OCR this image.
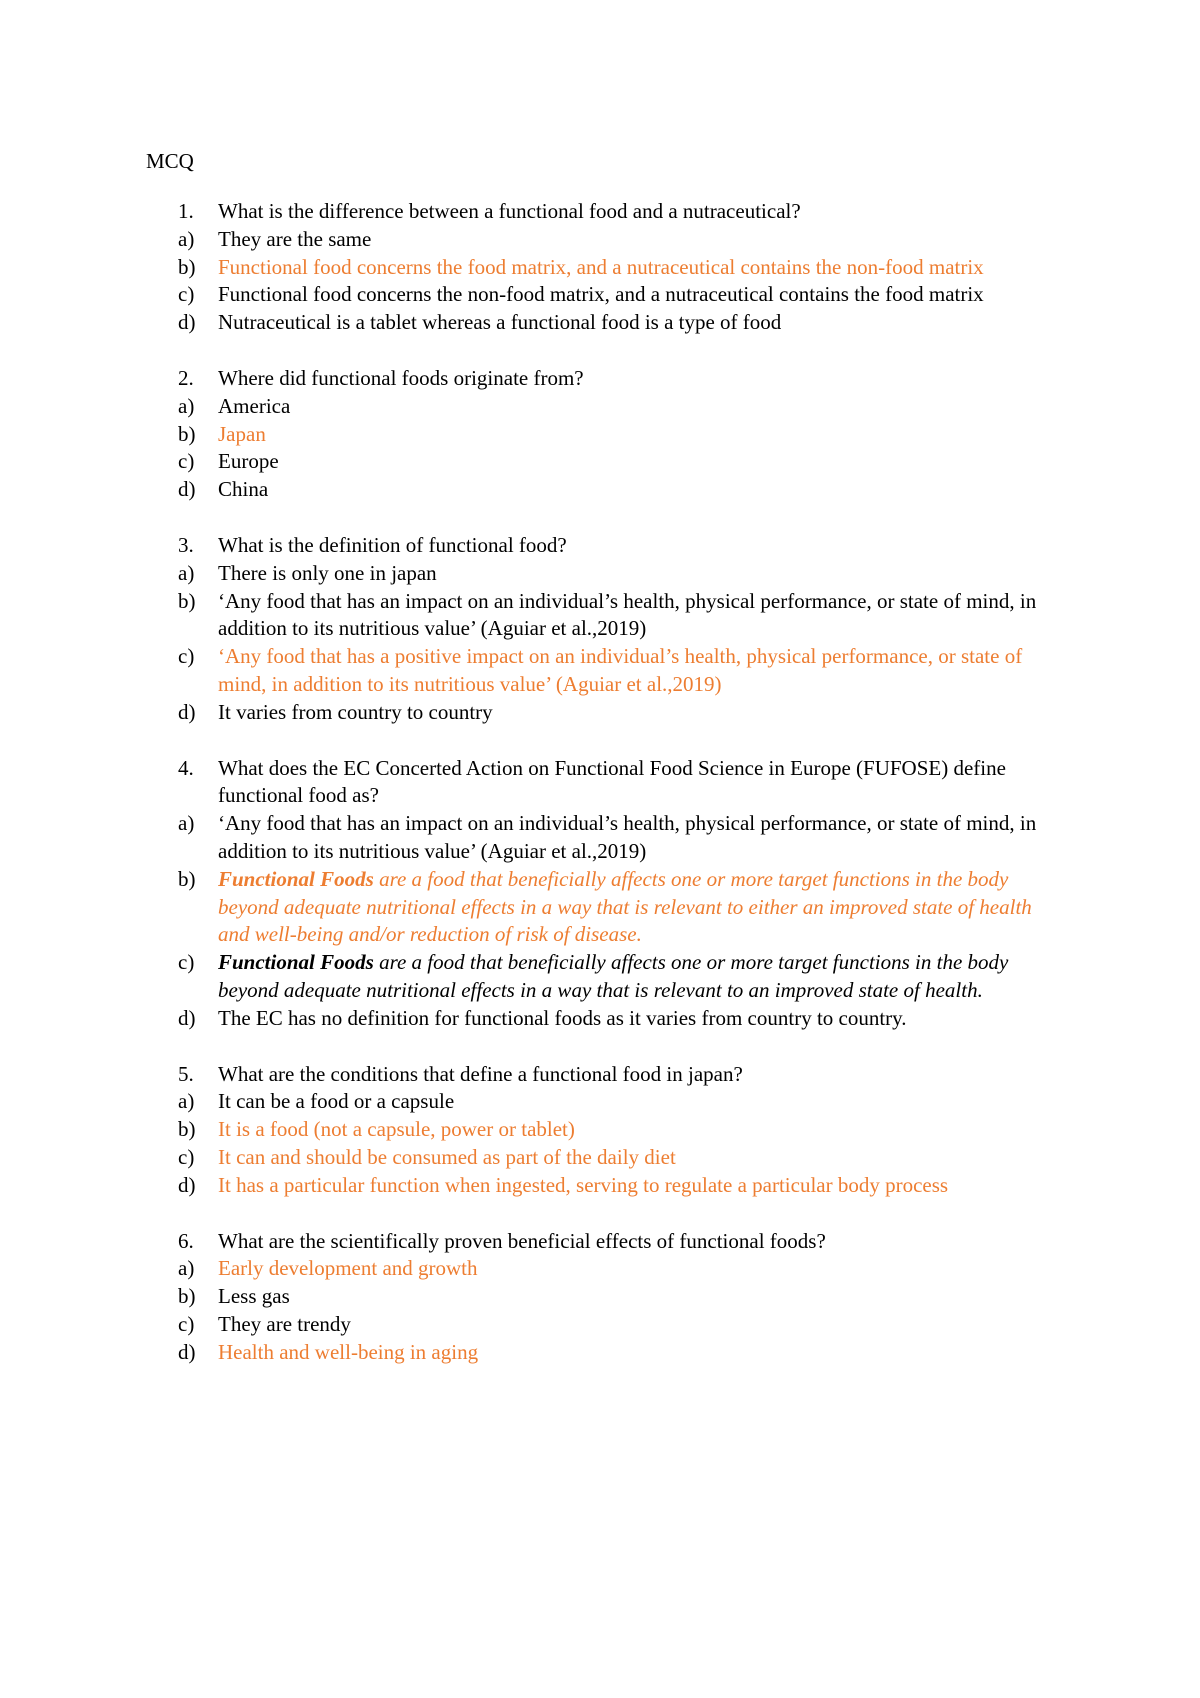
MCQ
1.	What is the difference between a functional food and a nutraceutical?
a)	They are the same
b)	Functional food concerns the food matrix, and a nutraceutical contains the non-food matrix
c)	Functional food concerns the non-food matrix, and a nutraceutical contains the food matrix
d)	Nutraceutical is a tablet whereas a functional food is a type of food
2.	Where did functional foods originate from?
a)	America
b)	Japan
c)	Europe
d)	China
3.	What is the definition of functional food?
a)	There is only one in japan
b)	‘Any food that has an impact on an individual’s health, physical performance, or state of mind, in addition to its nutritious value’ (Aguiar et al.,2019)
c)	‘Any food that has a positive impact on an individual’s health, physical performance, or state of mind, in addition to its nutritious value’ (Aguiar et al.,2019)
d)	It varies from country to country
4.	What does the EC Concerted Action on Functional Food Science in Europe (FUFOSE) define functional food as?
a)	‘Any food that has an impact on an individual’s health, physical performance, or state of mind, in addition to its nutritious value’ (Aguiar et al.,2019)
b)	Functional Foods are a food that beneficially affects one or more target functions in the body beyond adequate nutritional effects in a way that is relevant to either an improved state of health and well-being and/or reduction of risk of disease.
c)	Functional Foods are a food that beneficially affects one or more target functions in the body beyond adequate nutritional effects in a way that is relevant to an improved state of health.
d)	The EC has no definition for functional foods as it varies from country to country.
5.	What are the conditions that define a functional food in japan?
a)	It can be a food or a capsule
b)	It is a food (not a capsule, power or tablet)
c)	It can and should be consumed as part of the daily diet
d)	It has a particular function when ingested, serving to regulate a particular body process
6.	What are the scientifically proven beneficial effects of functional foods?
a)	Early development and growth
b)	Less gas
c)	They are trendy
d)	Health and well-being in aging
